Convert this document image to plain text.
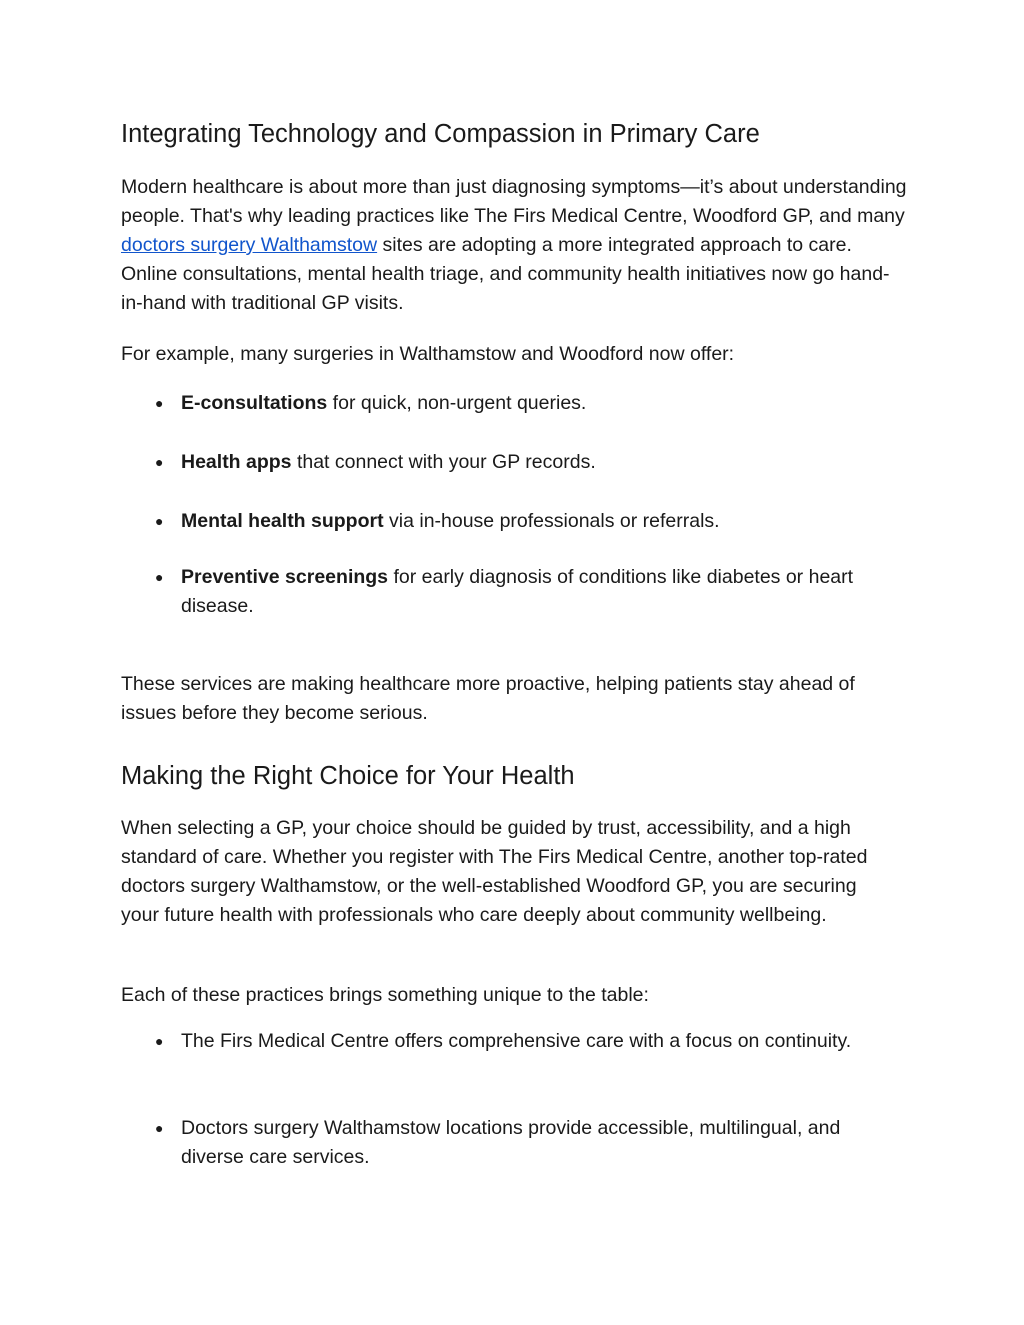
Integrating Technology and Compassion in Primary Care

Modern healthcare is about more than just diagnosing symptoms—it’s about understanding people. That's why leading practices like The Firs Medical Centre, Woodford GP, and many doctors surgery Walthamstow sites are adopting a more integrated approach to care. Online consultations, mental health triage, and community health initiatives now go hand-in-hand with traditional GP visits.

For example, many surgeries in Walthamstow and Woodford now offer:

● E-consultations for quick, non-urgent queries.
● Health apps that connect with your GP records.
● Mental health support via in-house professionals or referrals.
● Preventive screenings for early diagnosis of conditions like diabetes or heart disease.

These services are making healthcare more proactive, helping patients stay ahead of issues before they become serious.

Making the Right Choice for Your Health

When selecting a GP, your choice should be guided by trust, accessibility, and a high standard of care. Whether you register with The Firs Medical Centre, another top-rated doctors surgery Walthamstow, or the well-established Woodford GP, you are securing your future health with professionals who care deeply about community wellbeing.

Each of these practices brings something unique to the table:

● The Firs Medical Centre offers comprehensive care with a focus on continuity.
● Doctors surgery Walthamstow locations provide accessible, multilingual, and diverse care services.
